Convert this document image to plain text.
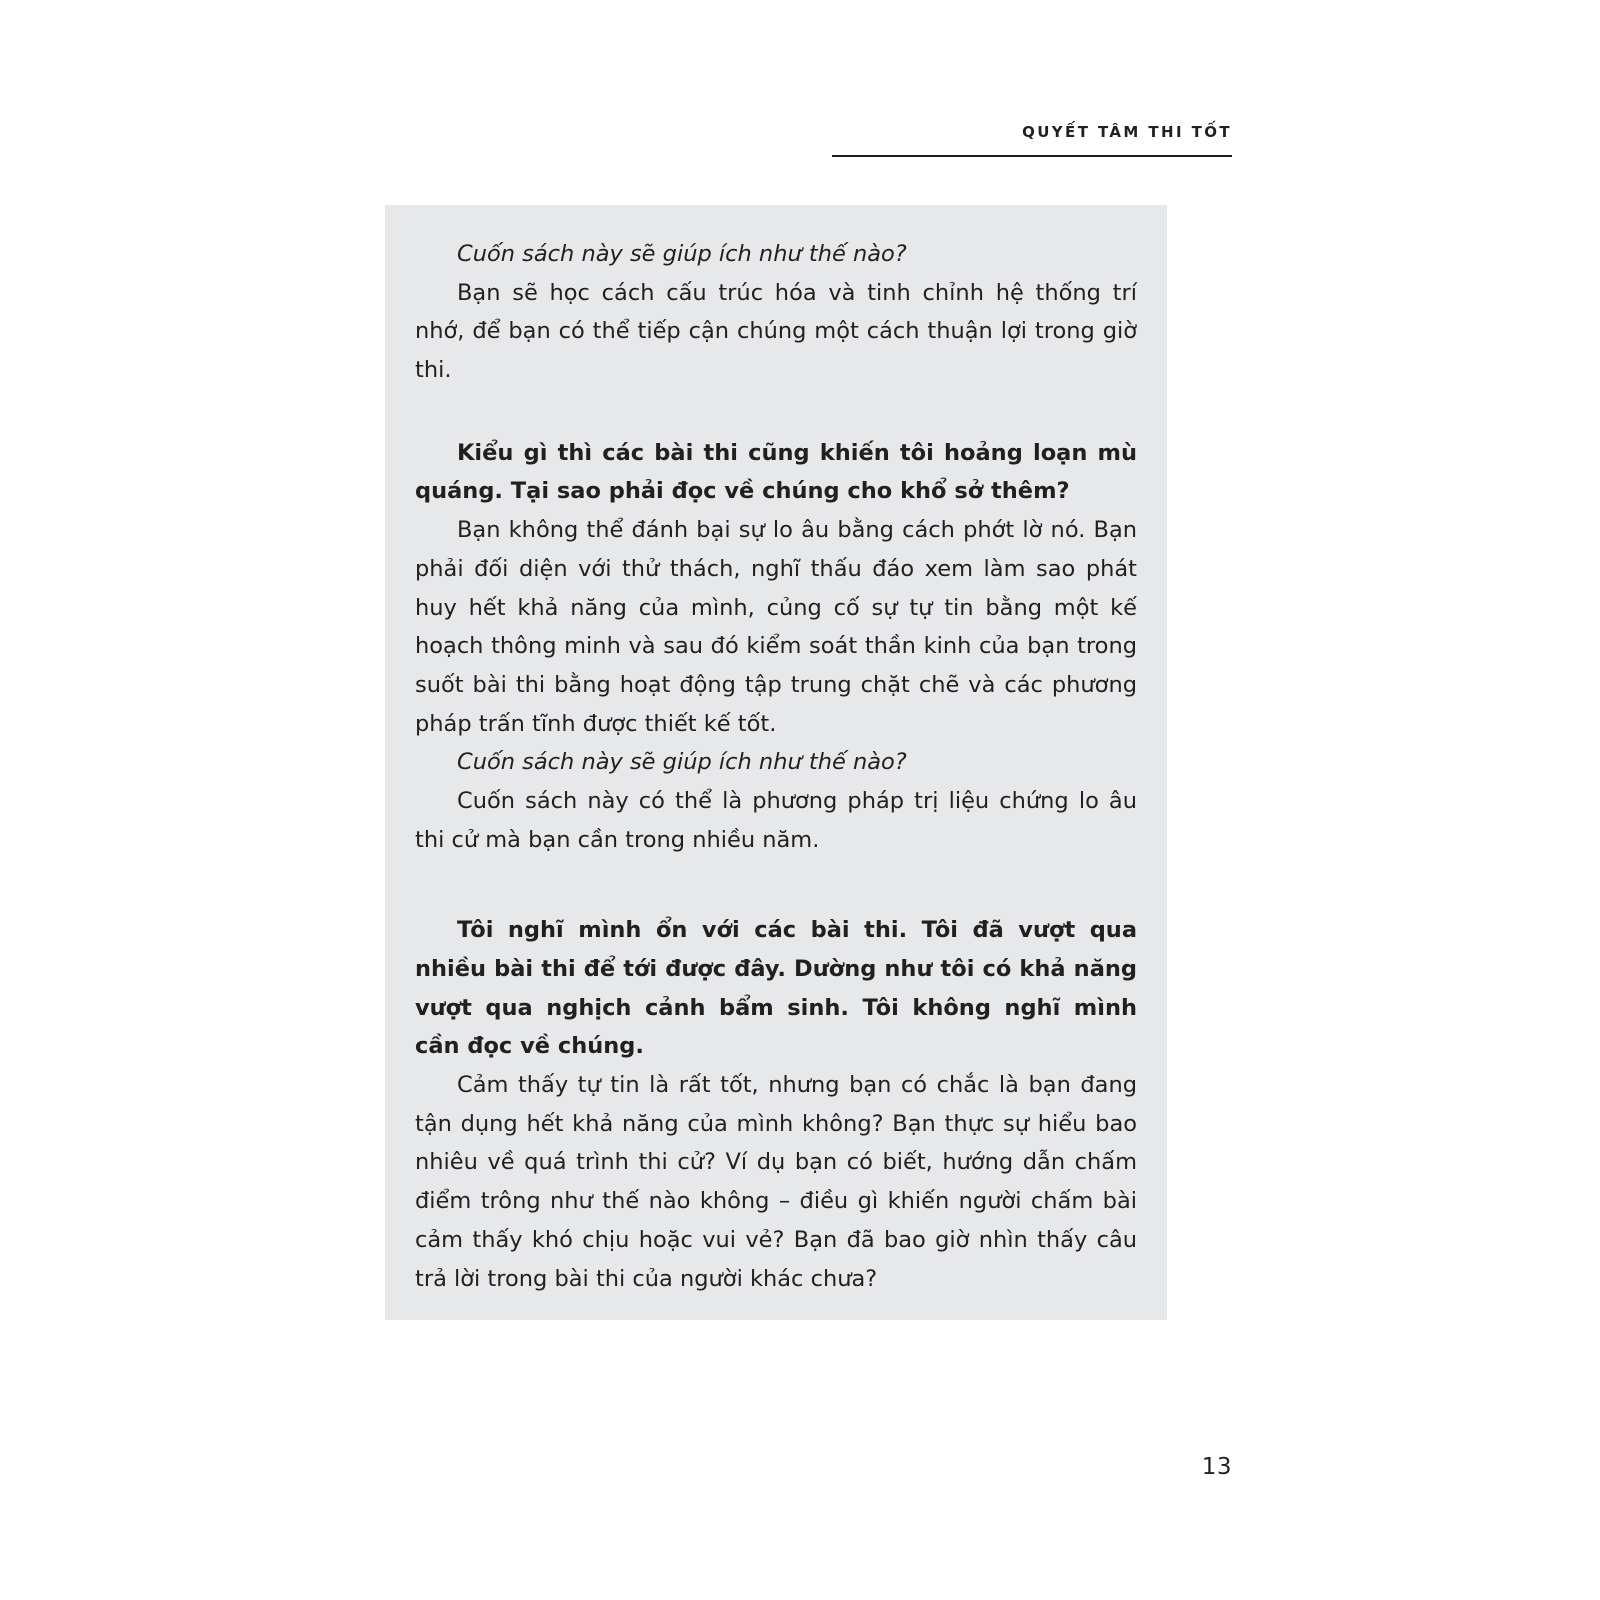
QUYẾT TÂM THI TỐT

Cuốn sách này sẽ giúp ích như thế nào?

Bạn sẽ học cách cấu trúc hóa và tinh chỉnh hệ thống trí nhớ, để bạn có thể tiếp cận chúng một cách thuận lợi trong giờ thi.

Kiểu gì thì các bài thi cũng khiến tôi hoảng loạn mù quáng. Tại sao phải đọc về chúng cho khổ sở thêm?

Bạn không thể đánh bại sự lo âu bằng cách phớt lờ nó. Bạn phải đối diện với thử thách, nghĩ thấu đáo xem làm sao phát huy hết khả năng của mình, củng cố sự tự tin bằng một kế hoạch thông minh và sau đó kiểm soát thần kinh của bạn trong suốt bài thi bằng hoạt động tập trung chặt chẽ và các phương pháp trấn tĩnh được thiết kế tốt.

Cuốn sách này sẽ giúp ích như thế nào?

Cuốn sách này có thể là phương pháp trị liệu chứng lo âu thi cử mà bạn cần trong nhiều năm.

Tôi nghĩ mình ổn với các bài thi. Tôi đã vượt qua nhiều bài thi để tới được đây. Dường như tôi có khả năng vượt qua nghịch cảnh bẩm sinh. Tôi không nghĩ mình cần đọc về chúng.

Cảm thấy tự tin là rất tốt, nhưng bạn có chắc là bạn đang tận dụng hết khả năng của mình không? Bạn thực sự hiểu bao nhiêu về quá trình thi cử? Ví dụ bạn có biết, hướng dẫn chấm điểm trông như thế nào không – điều gì khiến người chấm bài cảm thấy khó chịu hoặc vui vẻ? Bạn đã bao giờ nhìn thấy câu trả lời trong bài thi của người khác chưa?

13
